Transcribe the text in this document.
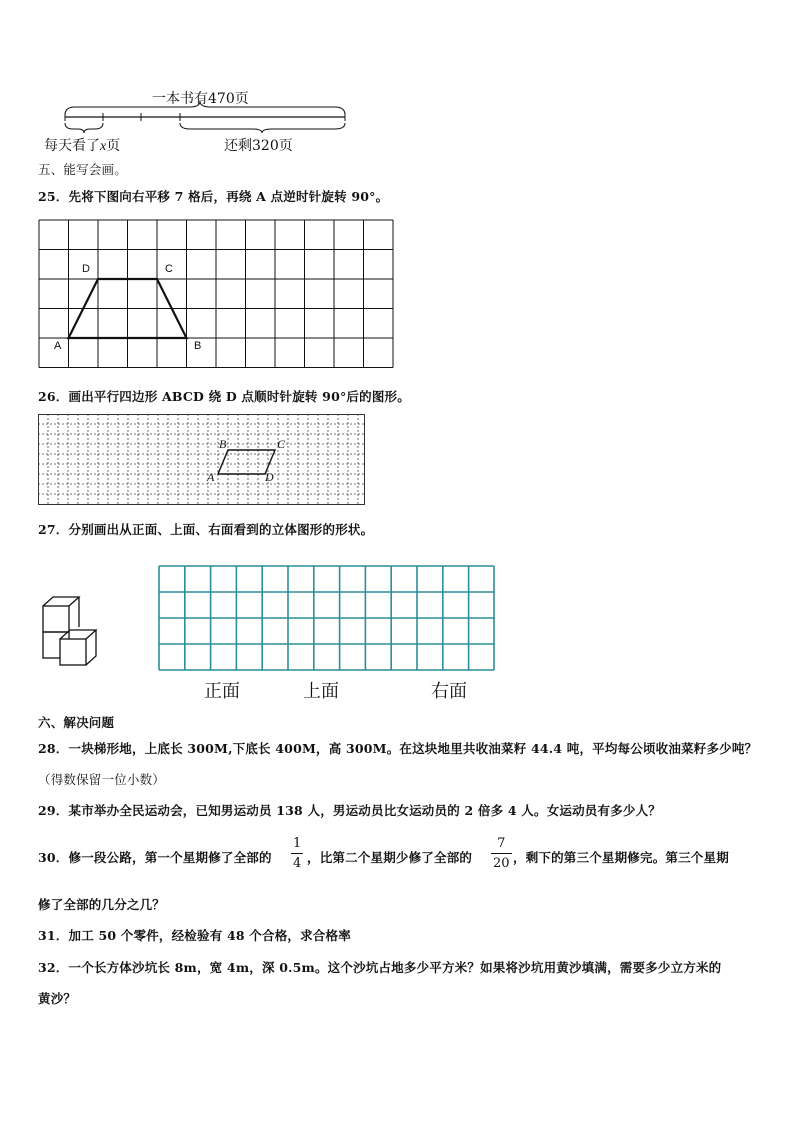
一本书有470页
每天看了x页	还剩320页
五、能写会画。
25．先将下图向右平移 7 格后，再绕 A 点逆时针旋转 90°。
A	B
C
D
26．画出平行四边形 ABCD 绕 D 点顺时针旋转 90°后的图形。
A
B	C
D
27．分别画出从正面、上面、右面看到的立体图形的形状。
正面	上面	右面
六、解决问题
28．一块梯形地，上底长 300M,下底长 400M，高 300M。在这块地里共收油菜籽 44.4 吨，平均每公顷收油菜籽多少吨？
（得数保留一位小数）
29．某市举办全民运动会，已知男运动员 138 人，男运动员比女运动员的 2 倍多 4 人。女运动员有多少人？
30．修一段公路，第一个星期修了全部的
1
4 ，比第二个星期少修了全部的
7
20 ，剩下的第三个星期修完。第三个星期
修了全部的几分之几？
31．加工 50 个零件，经检验有 48 个合格，求合格率
32．一个长方体沙坑长 8m，宽 4m，深 0.5m。这个沙坑占地多少平方米？如果将沙坑用黄沙填满，需要多少立方米的
黄沙？
